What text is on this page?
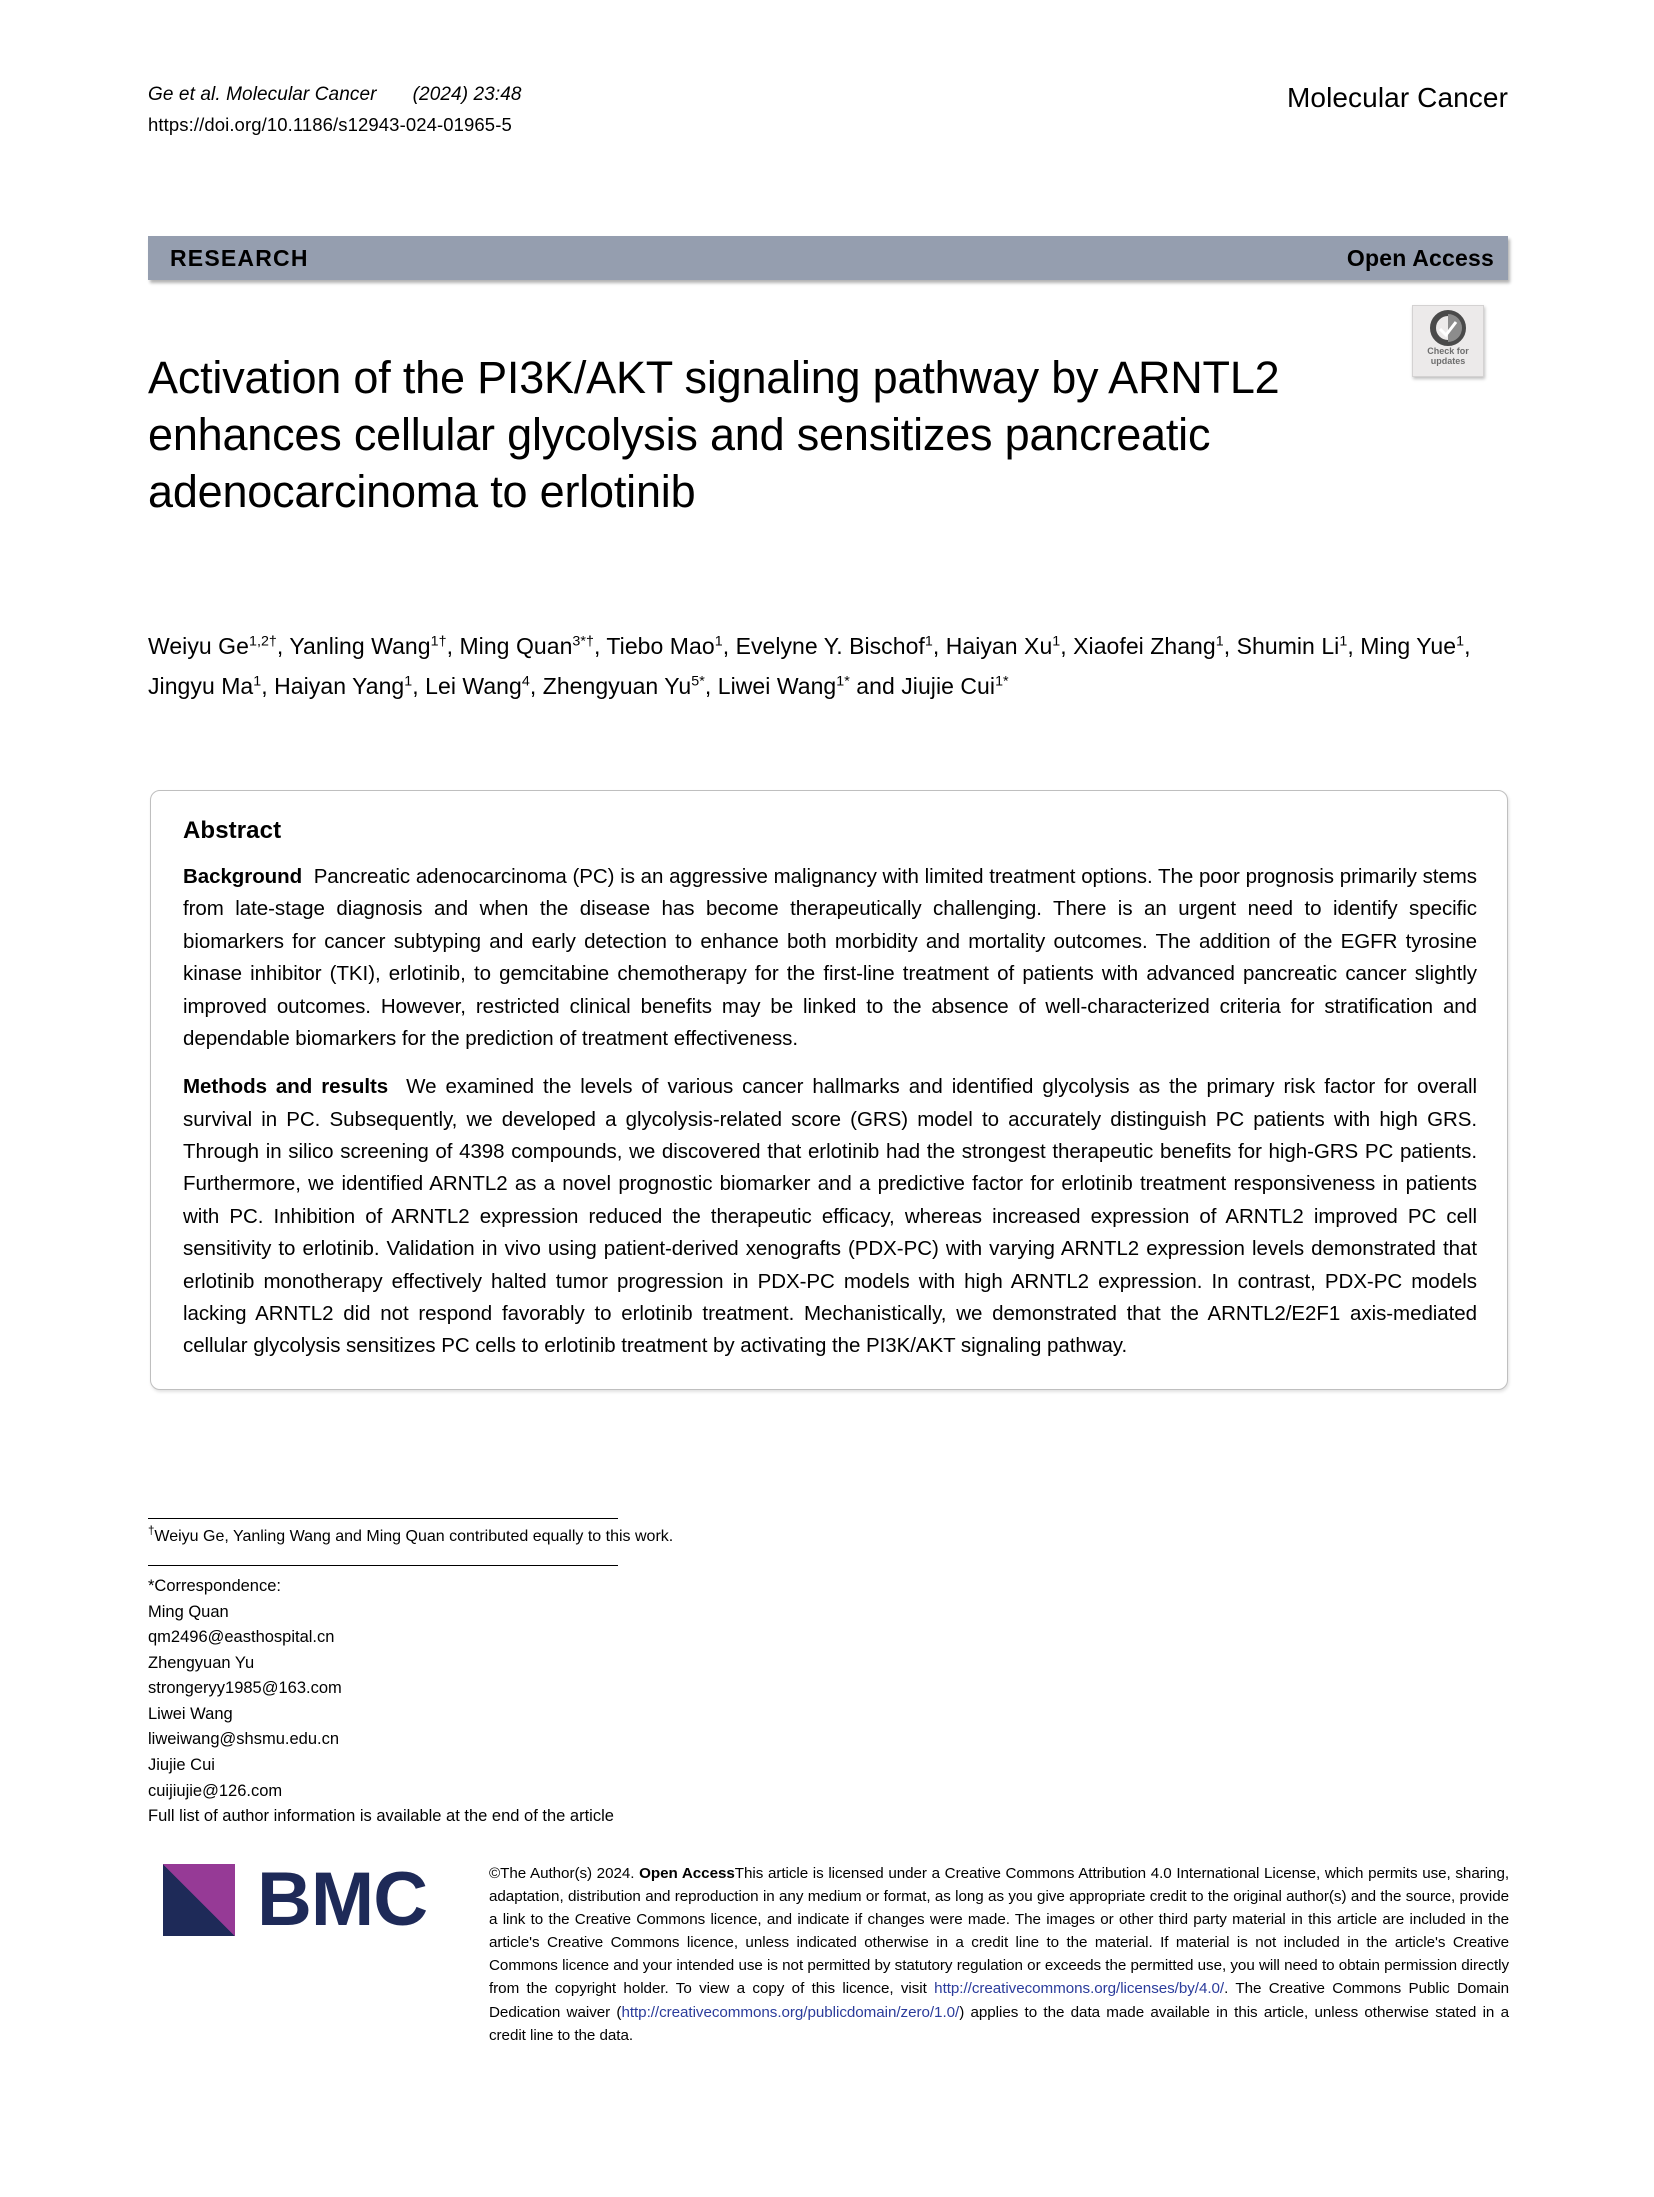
Ge et al. Molecular Cancer (2024) 23:48
https://doi.org/10.1186/s12943-024-01965-5
Molecular Cancer
RESEARCH	Open Access
Check for
updates
Activation of the PI3K/AKT signaling pathway by ARNTL2 enhances cellular glycolysis and sensitizes pancreatic adenocarcinoma to erlotinib
Weiyu $Ge^{1,2\dagger}$, Yanling Wang$^{1\dagger}$, Ming Quan$^{3*\dagger}$, Tiebo Mao$^1$, Evelyne Y. Bischof$^1$, Haiyan Xu$^1$, Xiaofei Zhang$^1$, Shumin Li$^1$, Ming Yue$^1$, Jingyu Ma$^1$, Haiyan Yang$^1$, Lei Wang$^4$, Zhengyuan $Yu^{5*}$, Liwei Wang$^{1*}$ and Jiujie Cui$^{1*}$
Abstract

Background Pancreatic adenocarcinoma (PC) is an aggressive malignancy with limited treatment options. The poor prognosis primarily stems from late-stage diagnosis and when the disease has become therapeutically challenging. There is an urgent need to identify specific biomarkers for cancer subtyping and early detection to enhance both morbidity and mortality outcomes. The addition of the EGFR tyrosine kinase inhibitor (TKI), erlotinib, to gemcitabine chemotherapy for the first-line treatment of patients with advanced pancreatic cancer slightly improved outcomes. However, restricted clinical benefits may be linked to the absence of well-characterized criteria for stratification and dependable biomarkers for the prediction of treatment effectiveness.

Methods and results We examined the levels of various cancer hallmarks and identified glycolysis as the primary risk factor for overall survival in PC. Subsequently, we developed a glycolysis-related score (GRS) model to accurately distinguish PC patients with high GRS. Through in silico screening of 4398 compounds, we discovered that erlotinib had the strongest therapeutic benefits for high-GRS PC patients. Furthermore, we identified ARNTL2 as a novel prognostic biomarker and a predictive factor for erlotinib treatment responsiveness in patients with PC. Inhibition of ARNTL2 expression reduced the therapeutic efficacy, whereas increased expression of ARNTL2 improved PC cell sensitivity to erlotinib. Validation in vivo using patient-derived xenografts (PDX-PC) with varying ARNTL2 expression levels demonstrated that erlotinib monotherapy effectively halted tumor progression in PDX-PC models with high ARNTL2 expression. In contrast, PDX-PC models lacking ARNTL2 did not respond favorably to erlotinib treatment. Mechanistically, we demonstrated that the ARNTL2/E2F1 axis-mediated cellular glycolysis sensitizes PC cells to erlotinib treatment by activating the PI3K/AKT signaling pathway.

†Weiyu Ge, Yanling Wang and Ming Quan contributed equally to this work.
*Correspondence:
Ming Quan
qm2496@easthospital.cn
Zhengyuan Yu
strongeryy1985@163.com
Liwei Wang
liweiwang@shsmu.edu.cn
Jiujie Cui
cuijiujie@126.com
Full list of author information is available at the end of the article
BMC	©The Author(s) 2024. Open AccessThis article is licensed under a Creative Commons Attribution 4.0 International License, which permits use, sharing, adaptation, distribution and reproduction in any medium or format, as long as you give appropriate credit to the original author(s) and the source, provide a link to the Creative Commons licence, and indicate if changes were made. The images or other third party material in this article are included in the article's Creative Commons licence, unless indicated otherwise in a credit line to the material. If material is not included in the article's Creative Commons licence and your intended use is not permitted by statutory regulation or exceeds the permitted use, you will need to obtain permission directly from the copyright holder. To view a copy of this licence, visit http://creativecommons.org/licenses/by/4.0/. The Creative Commons Public Domain Dedication waiver (http://creativecommons.org/publicdomain/zero/1.0/) applies to the data made available in this article, unless otherwise stated in a credit line to the data.
